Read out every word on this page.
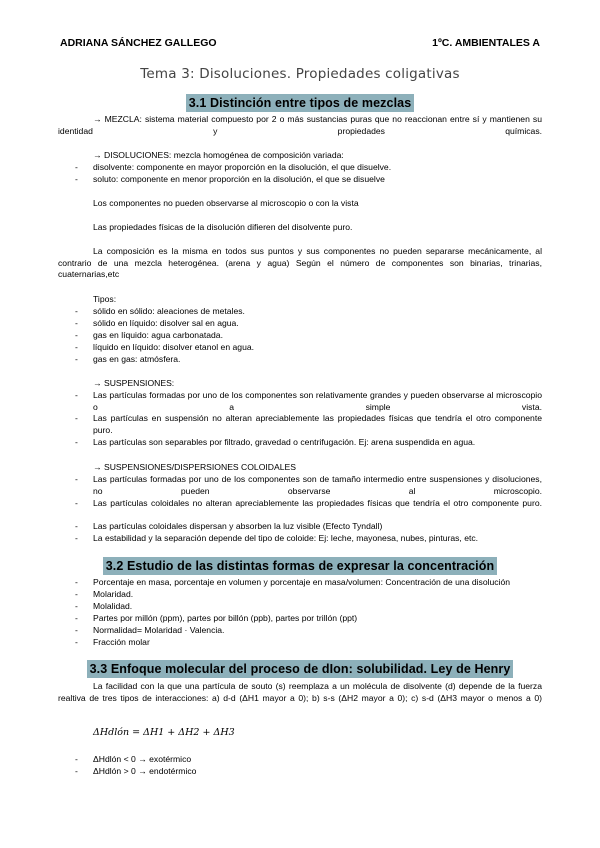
ADRIANA SÁNCHEZ GALLEGO	1ºC. AMBIENTALES A
Tema 3: Disoluciones. Propiedades coligativas
3.1 Distinción entre tipos de mezclas
→ MEZCLA: sistema material compuesto por 2 o más sustancias puras que no reaccionan entre sí y mantienen su identidad y propiedades químicas.
→ DISOLUCIONES: mezcla homogénea de composición variada:
- disolvente: componente en mayor proporción en la disolución, el que disuelve.
- soluto: componente en menor proporción en la disolución, el que se disuelve
Los componentes no pueden observarse al microscopio o con la vista
Las propiedades físicas de la disolución difieren del disolvente puro.
La composición es la misma en todos sus puntos y sus componentes no pueden separarse mecánicamente, al contrario de una mezcla heterogénea. (arena y agua) Según el número de componentes son binarias, trinarias, cuaternarias,etc
Tipos:
- sólido en sólido: aleaciones de metales.
- sólido en líquido: disolver sal en agua.
- gas en líquido: agua carbonatada.
- líquido en líquido: disolver etanol en agua.
- gas en gas: atmósfera.
→ SUSPENSIONES:
- Las partículas formadas por uno de los componentes son relativamente grandes y pueden observarse al microscopio o a simple vista.
- Las partículas en suspensión no alteran apreciablemente las propiedades físicas que tendría el otro componente puro.
- Las partículas son separables por filtrado, gravedad o centrifugación. Ej: arena suspendida en agua.
→ SUSPENSIONES/DISPERSIONES COLOIDALES
- Las partículas formadas por uno de los componentes son de tamaño intermedio entre suspensiones y disoluciones, no pueden observarse al microscopio.
- Las partículas coloidales no alteran apreciablemente las propiedades físicas que tendría el otro componente puro.
- Las partículas coloidales dispersan y absorben la luz visible (Efecto Tyndall)
- La estabilidad y la separación depende del tipo de coloide: Ej: leche, mayonesa, nubes, pinturas, etc.
3.2 Estudio de las distintas formas de expresar la concentración
- Porcentaje en masa, porcentaje en volumen y porcentaje en masa/volumen: Concentración de una disolución
- Molaridad.
- Molalidad.
- Partes por millón (ppm), partes por billón (ppb), partes por trillón (ppt)
- Normalidad= Molaridad · Valencia.
- Fracción molar
3.3 Enfoque molecular del proceso de dIon: solubilidad. Ley de Henry
La facilidad con la que una partícula de souto (s) reemplaza a un molécula de disolvente (d) depende de la fuerza realtiva de tres tipos de interacciones: a) d-d (ΔH1 mayor a 0); b) s-s (ΔH2 mayor a 0); c) s-d (ΔH3 mayor o menos a 0)
ΔHdlón = ΔH1 + ΔH2 + ΔH3
- ΔHdlón < 0 → exotérmico
- ΔHdlón > 0 → endotérmico
